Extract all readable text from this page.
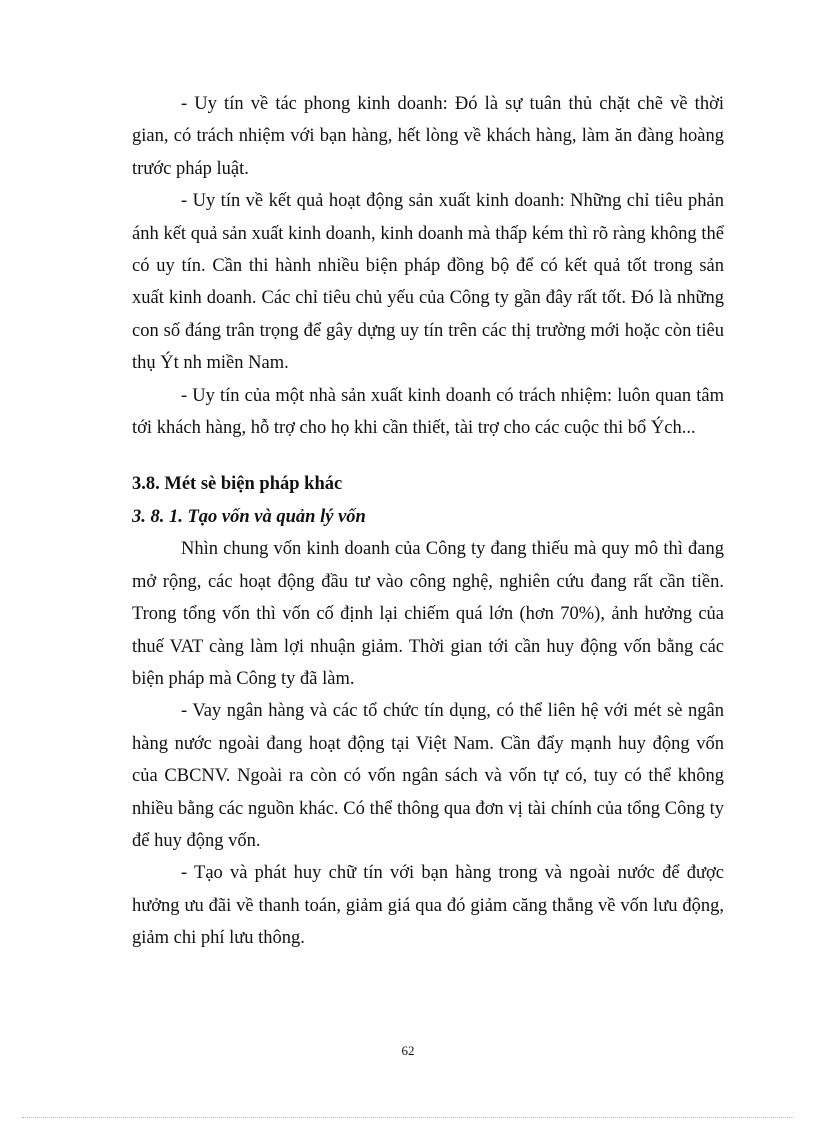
- Uy tín về tác phong kinh doanh: Đó là sự tuân thủ chặt chẽ về thời gian, có trách nhiệm với bạn hàng, hết lòng về khách hàng, làm ăn đàng hoàng trước pháp luật.

- Uy tín về kết quả hoạt động sản xuất kinh doanh: Những chỉ tiêu phản ánh kết quả sản xuất kinh doanh, kinh doanh mà thấp kém thì rõ ràng không thể có uy tín. Cần thi hành nhiều biện pháp đồng bộ để có kết quả tốt trong sản xuất kinh doanh. Các chỉ tiêu chủ yếu của Công ty gần đây rất tốt. Đó là những con số đáng trân trọng để gây dựng uy tín trên các thị trường mới hoặc còn tiêu thụ Ýt nh miền Nam.

- Uy tín của một nhà sản xuất kinh doanh có trách nhiệm: luôn quan tâm tới khách hàng, hỗ trợ cho họ khi cần thiết, tài trợ cho các cuộc thi bổ Ých...

3.8. Mét sè biện pháp khác
3. 8. 1. Tạo vốn và quản lý vốn

Nhìn chung vốn kinh doanh của Công ty đang thiếu mà quy mô thì đang mở rộng, các hoạt động đầu tư vào công nghệ, nghiên cứu đang rất cần tiền. Trong tổng vốn thì vốn cố định lại chiếm quá lớn (hơn 70%), ảnh hưởng của thuế VAT càng làm lợi nhuận giảm. Thời gian tới cần huy động vốn bằng các biện pháp mà Công ty đã làm.

- Vay ngân hàng và các tổ chức tín dụng, có thể liên hệ với mét sè ngân hàng nước ngoài đang hoạt động tại Việt Nam. Cần đẩy mạnh huy động vốn của CBCNV. Ngoài ra còn có vốn ngân sách và vốn tự có, tuy có thể không nhiều bằng các nguồn khác. Có thể thông qua đơn vị tài chính của tổng Công ty để huy động vốn.

- Tạo và phát huy chữ tín với bạn hàng trong và ngoài nước để được hưởng ưu đãi về thanh toán, giảm giá qua đó giảm căng thẳng về vốn lưu động, giảm chi phí lưu thông.

62
